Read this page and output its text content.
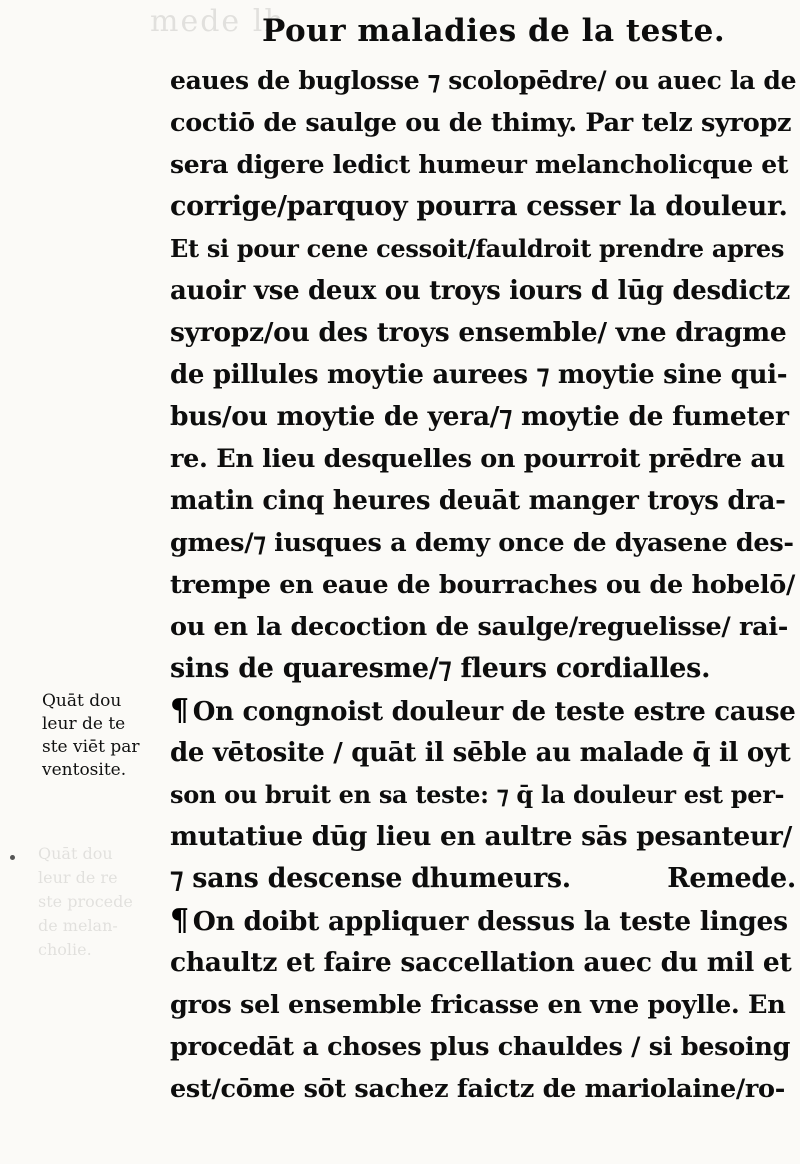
mede lh
Quāt dou
leur de re
ste procede
de melan-
cholie.
Pour maladies de la teste.
Quāt dou
leur de te
ste viēt par
ventosite.
eaues de buglosse ⁊ scolopēdre/ ou auec la de
coctiō de saulge ou de thimy. Par telz syropz
sera digere ledict humeur melancholicque et
corrige/parquoy pourra cesser la douleur.
Et si pour cene cessoit/fauldroit prendre apres
auoir vse deux ou troys iours d lūg desdictz
syropz/ou des troys ensemble/ vne dragme
de pillules moytie aurees ⁊ moytie sine qui-
bus/ou moytie de yera/⁊ moytie de fumeter
re. En lieu desquelles on pourroit prēdre au
matin cinq heures deuāt manger troys dra-
gmes/⁊ iusques a demy once de dyasene des-
trempe en eaue de bourraches ou de hobelō/
ou en la decoction de saulge/reguelisse/ rai-
sins de quaresme/⁊ fleurs cordialles.
¶ On congnoist douleur de teste estre cause
de vētosite / quāt il sēble au malade q̄ il oyt
son ou bruit en sa teste: ⁊ q̄ la douleur est per-
mutatiue dūg lieu en aultre sās pesanteur/
⁊ sans descense dhumeurs.	Remede.
¶ On doibt appliquer dessus la teste linges
chaultz et faire saccellation auec du mil et
gros sel ensemble fricasse en vne poylle. En
procedāt a choses plus chauldes / si besoing
est/cōme sōt sachez faictz de mariolaine/ro-
